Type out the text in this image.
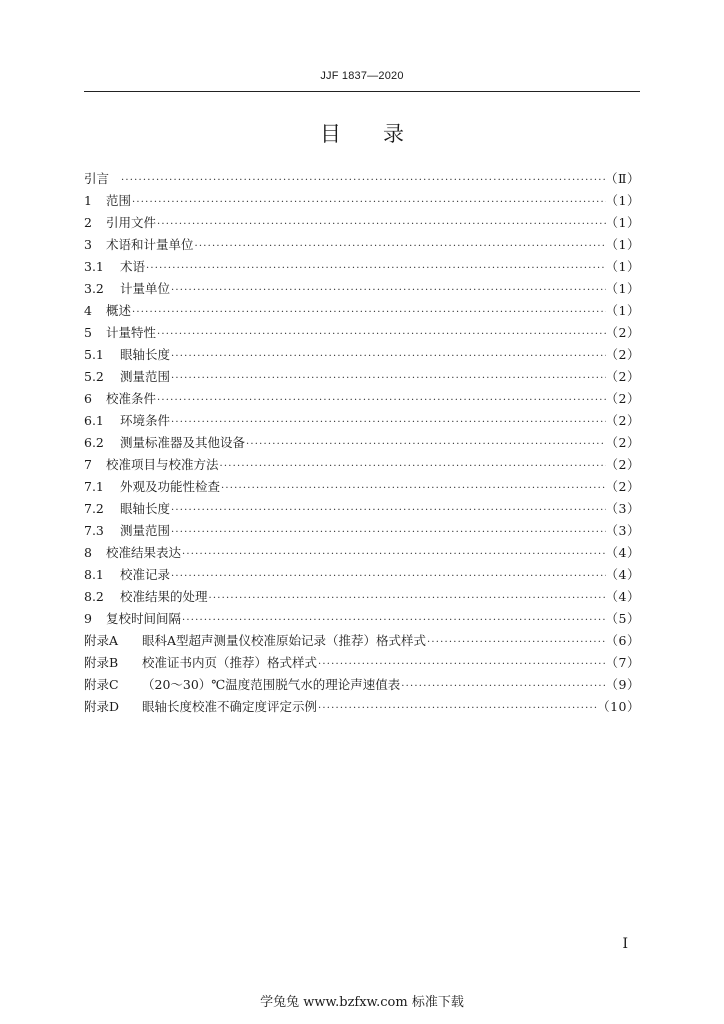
JJF 1837—2020
目录
引言 ·····	（Ⅱ）
1	范围 ·····	（1）
2	引用文件 ·····	（1）
3	术语和计量单位 ·····	（1）
3.1	术语 ·····	（1）
3.2	计量单位 ·····	（1）
4	概述 ·····	（1）
5	计量特性 ·····	（2）
5.1	眼轴长度 ·····	（2）
5.2	测量范围 ·····	（2）
6	校准条件 ·····	（2）
6.1	环境条件 ·····	（2）
6.2	测量标准器及其他设备 ·····	（2）
7	校准项目与校准方法 ·····	（2）
7.1	外观及功能性检查 ·····	（2）
7.2	眼轴长度 ·····	（3）
7.3	测量范围 ·····	（3）
8	校准结果表达 ·····	（4）
8.1	校准记录 ·····	（4）
8.2	校准结果的处理 ·····	（4）
9	复校时间间隔 ·····	（5）
附录A	眼科A型超声测量仪校准原始记录（推荐）格式样式 ·····	（6）
附录B	校准证书内页（推荐）格式样式 ·····	（7）
附录C	（20～30）℃温度范围脱气水的理论声速值表 ·····	（9）
附录D	眼轴长度校准不确定度评定示例 ·····	（10）
Ⅰ
学兔兔 www.bzfxw.com 标准下载
